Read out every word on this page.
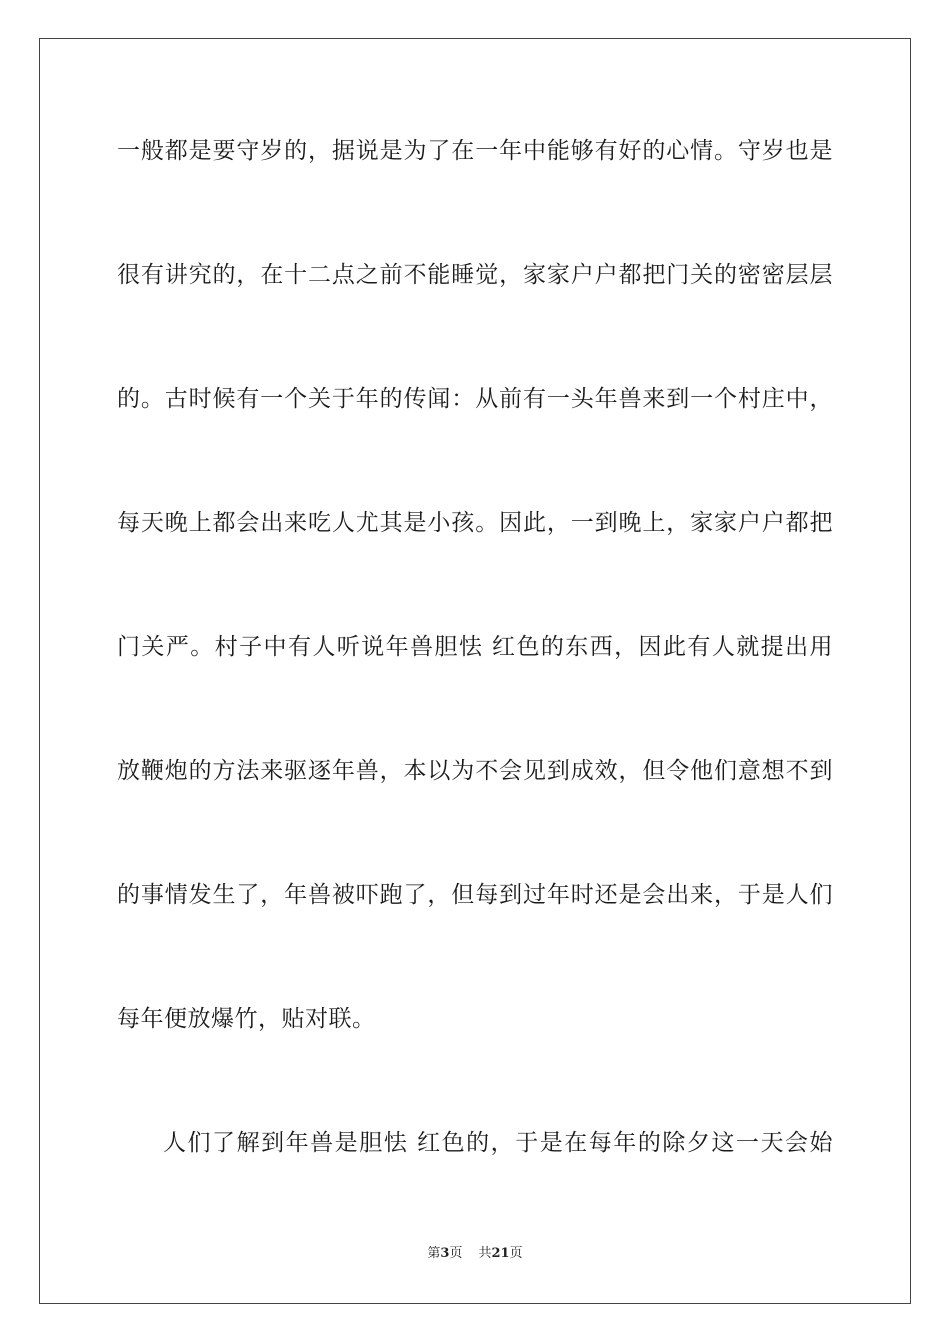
一般都是要守岁的，据说是为了在一年中能够有好的心情。守岁也是
很有讲究的，在十二点之前不能睡觉，家家户户都把门关的密密层层
的。古时候有一个关于年的传闻：从前有一头年兽来到一个村庄中，
每天晚上都会出来吃人尤其是小孩。因此，一到晚上，家家户户都把
门关严。村子中有人听说年兽胆怯 红色的东西，因此有人就提出用
放鞭炮的方法来驱逐年兽，本以为不会见到成效，但令他们意想不到
的事情发生了，年兽被吓跑了，但每到过年时还是会出来，于是人们
每年便放爆竹，贴对联。
人们了解到年兽是胆怯 红色的，于是在每年的除夕这一天会始
第3页 共21页
